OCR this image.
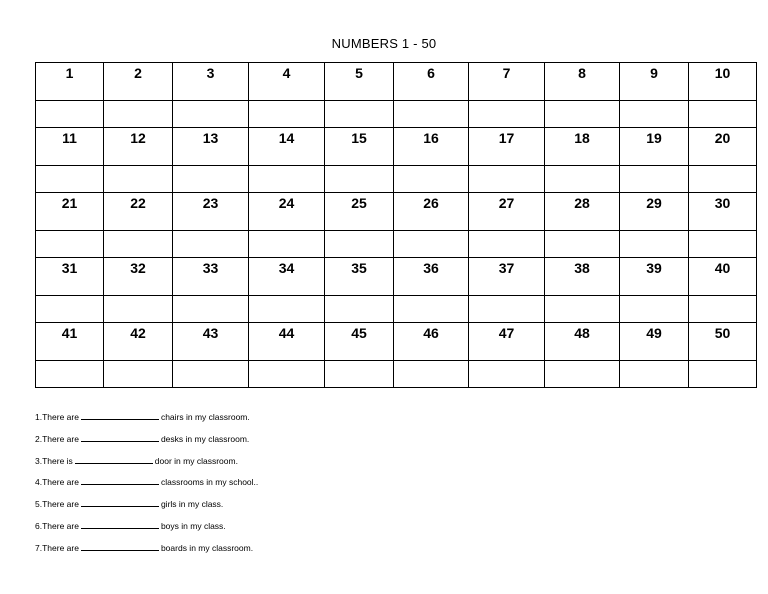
NUMBERS 1 - 50
1	2	3	4	5	6	7	8	9	10

11	12	13	14	15	16	17	18	19	20

21	22	23	24	25	26	27	28	29	30

31	32	33	34	35	36	37	38	39	40

41	42	43	44	45	46	47	48	49	50

1.There are	chairs in my classroom.
2.There are	desks in my classroom.
3.There is	door in my classroom.
4.There are	classrooms in my school..
5.There are	girls in my class.
6.There are	boys in my class.
7.There are	boards in my classroom.
